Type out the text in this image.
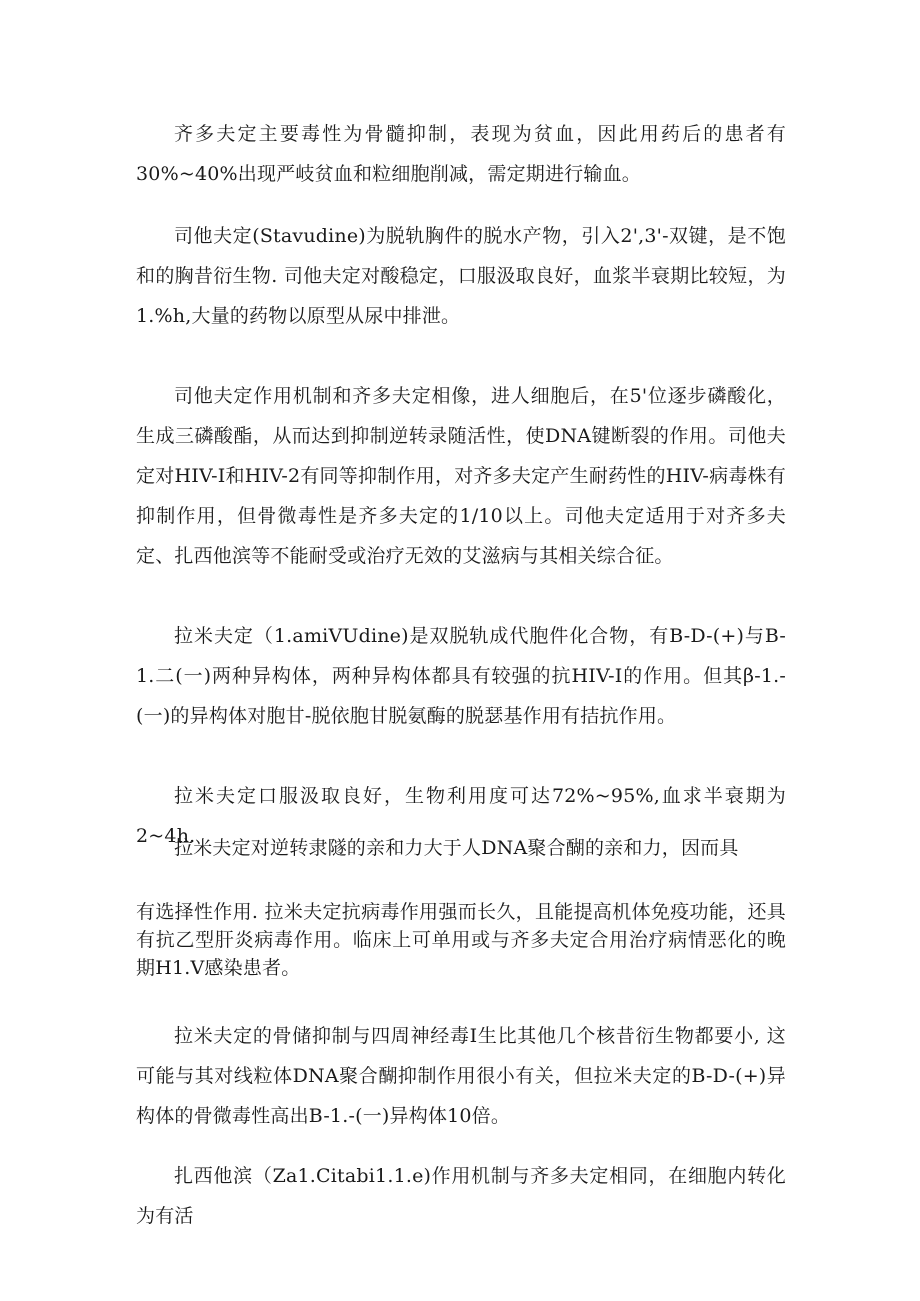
齐多夫定主要毒性为骨髓抑制，表现为贫血，因此用药后的患者有30%~40%出现严岐贫血和粒细胞削减，需定期进行输血。

司他夫定(Stavudine)为脱轨胸件的脱水产物，引入2',3'-双键，是不饱和的胸昔衍生物. 司他夫定对酸稳定，口服汲取良好，血浆半衰期比较短，为1.%h,大量的药物以原型从尿中排泄。

司他夫定作用机制和齐多夫定相像，进人细胞后，在5'位逐步磷酸化，生成三磷酸酯，从而达到抑制逆转录随活性，使DNA键断裂的作用。司他夫定对HIV-I和HIV-2有同等抑制作用，对齐多夫定产生耐药性的HIV-病毒株有抑制作用，但骨微毒性是齐多夫定的1/10以上。司他夫定适用于对齐多夫定、扎西他滨等不能耐受或治疗无效的艾滋病与其相关综合征。

拉米夫定（1.amiVUdine)是双脱轨成代胞件化合物，有B-D-(+)与B-1.二(一)两种异构体，两种异构体都具有较强的抗HIV-I的作用。但其β-1.-(一)的异构体对胞甘-脱依胞甘脱氨酶的脱瑟基作用有拮抗作用。

拉米夫定口服汲取良好，生物利用度可达72%~95%,血求半衰期为2~4h.

拉米夫定对逆转隶隧的亲和力大于人DNA聚合醐的亲和力，因而具

有选择性作用. 拉米夫定抗病毒作用强而长久，且能提高机体免疫功能，还具有抗乙型肝炎病毒作用。临床上可单用或与齐多夫定合用治疗病情恶化的晚期H1.V感染患者。

拉米夫定的骨储抑制与四周神经毒I生比其他几个核昔衍生物都要小, 这可能与其对线粒体DNA聚合醐抑制作用很小有关，但拉米夫定的B-D-(+)异构体的骨微毒性高出B-1.-(一)异构体10倍。

扎西他滨（Za1.Citabi1.1.e)作用机制与齐多夫定相同，在细胞内转化为有活
